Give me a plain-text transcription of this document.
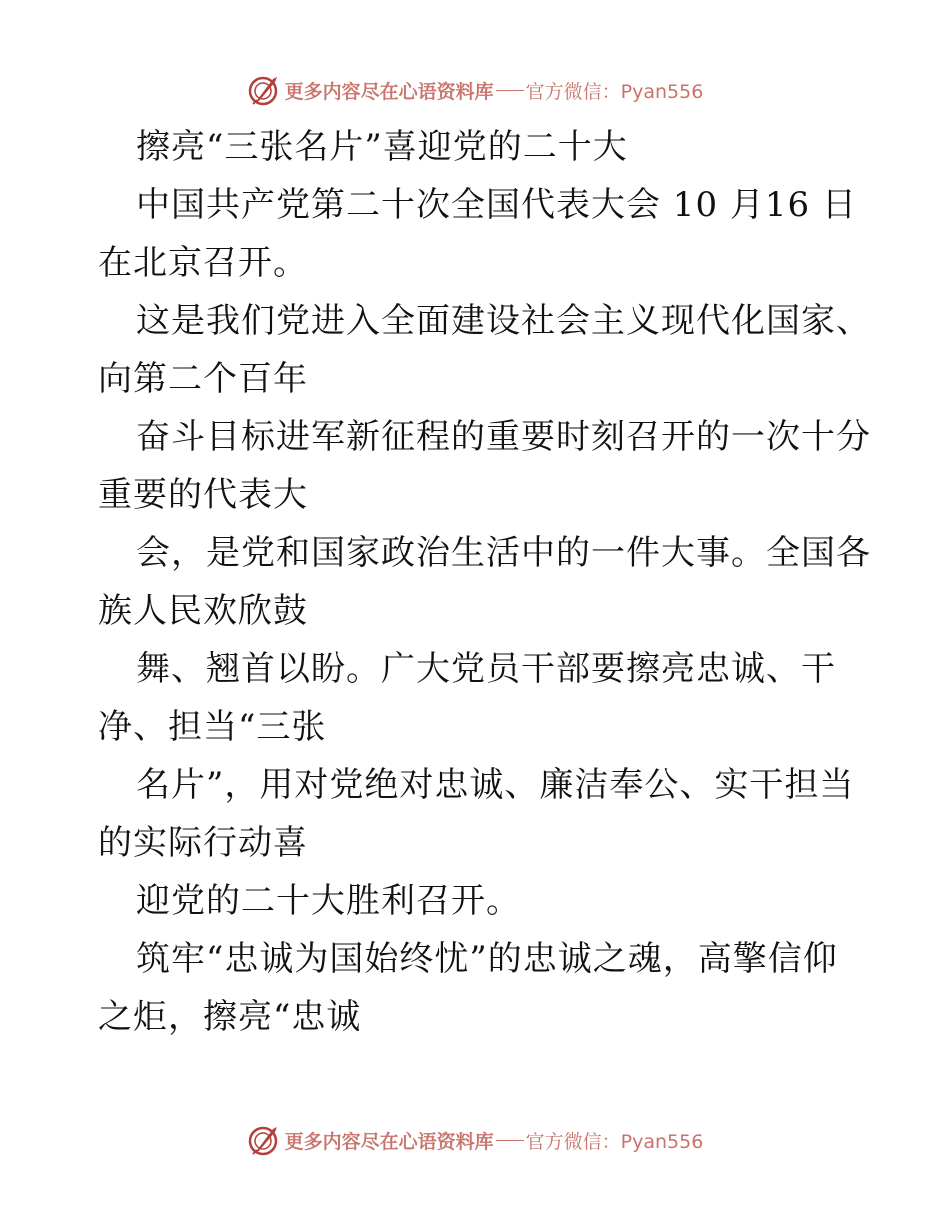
更多内容尽在心语资料库 官方微信：Pyan556
擦亮“三张名片”喜迎党的二十大
中国共产党第二十次全国代表大会 10 月16 日
在北京召开。
这是我们党进入全面建设社会主义现代化国家、
向第二个百年
奋斗目标进军新征程的重要时刻召开的一次十分
重要的代表大
会，是党和国家政治生活中的一件大事。全国各
族人民欢欣鼓
舞、翘首以盼。广大党员干部要擦亮忠诚、干
净、担当“三张
名片”，用对党绝对忠诚、廉洁奉公、实干担当
的实际行动喜
迎党的二十大胜利召开。
筑牢“忠诚为国始终忧”的忠诚之魂，高擎信仰
之炬，擦亮“忠诚
更多内容尽在心语资料库 官方微信：Pyan556
